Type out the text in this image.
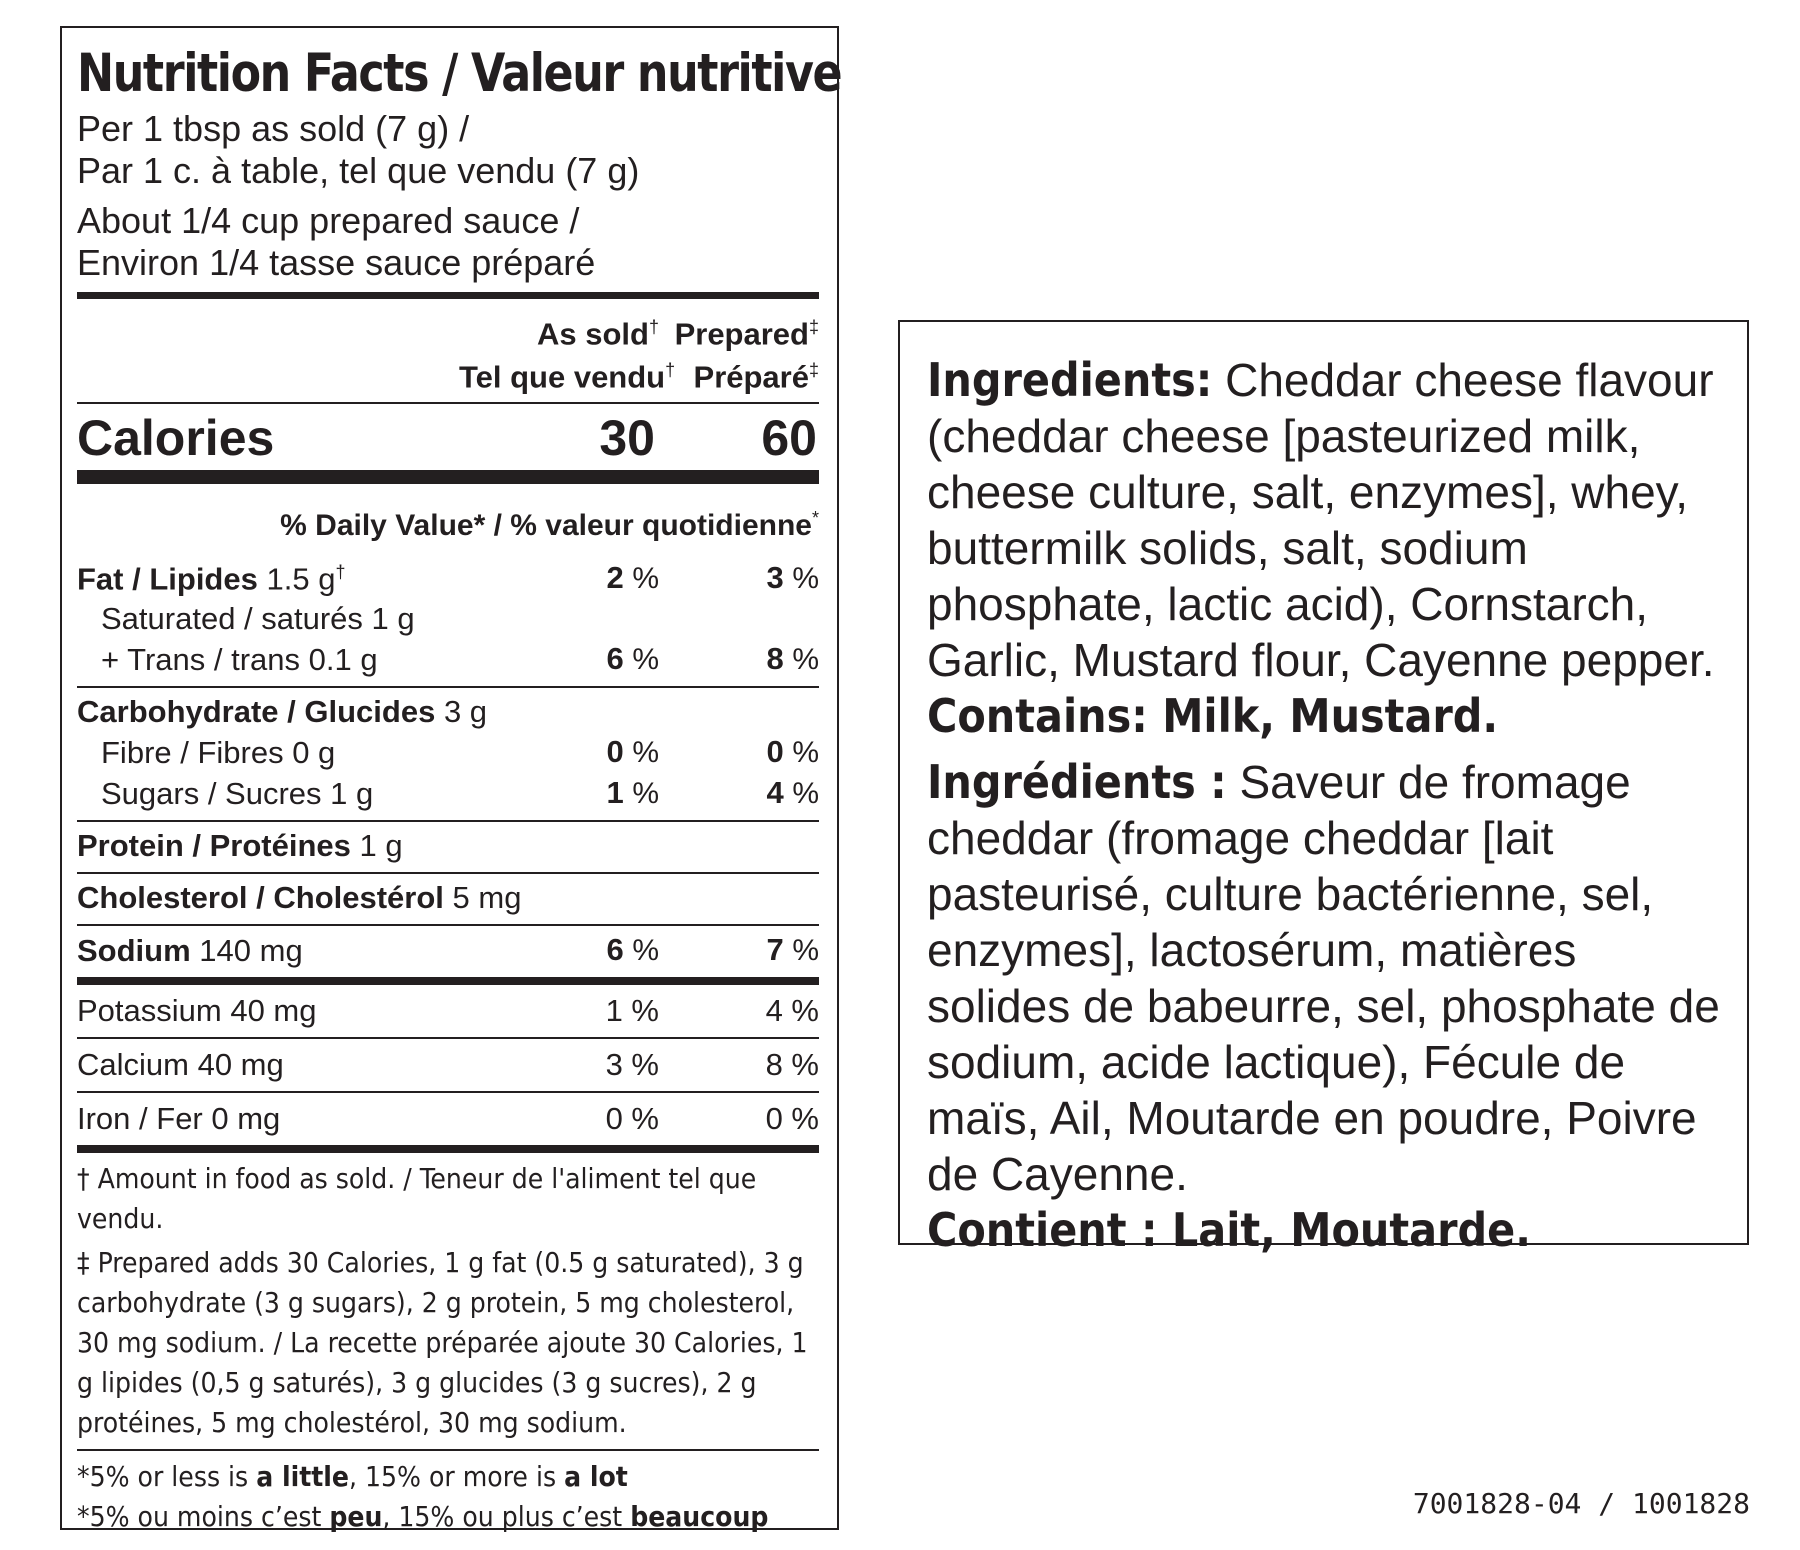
Nutrition Facts / Valeur nutritive
Per 1 tbsp as sold (7 g) /
Par 1 c. à table, tel que vendu (7 g)
About 1/4 cup prepared sauce /
Environ 1/4 tasse sauce préparé
As sold† Prepared‡
Tel que vendu† Préparé‡
Calories	30	60
% Daily Value* / % valeur quotidienne*
Fat / Lipides 1.5 g†	2 %	3 %
Saturated / saturés 1 g
+ Trans / trans 0.1 g	6 %	8 %
Carbohydrate / Glucides 3 g
Fibre / Fibres 0 g	0 %	0 %
Sugars / Sucres 1 g	1 %	4 %
Protein / Protéines 1 g
Cholesterol / Cholestérol 5 mg
Sodium 140 mg	6 %	7 %
Potassium 40 mg	1 %	4 %
Calcium 40 mg	3 %	8 %
Iron / Fer 0 mg	0 %	0 %

† Amount in food as sold. / Teneur de l'aliment tel que vendu.

‡ Prepared adds 30 Calories, 1 g fat (0.5 g saturated), 3 g carbohydrate (3 g sugars), 2 g protein, 5 mg cholesterol, 30 mg sodium. / La recette préparée ajoute 30 Calories, 1 g lipides (0,5 g saturés), 3 g glucides (3 g sucres), 2 g protéines, 5 mg cholestérol, 30 mg sodium.

*5% or less is a little, 15% or more is a lot

*5% ou moins c’est peu, 15% ou plus c’est beaucoup

Ingredients: Cheddar cheese flavour (cheddar cheese [pasteurized milk, cheese culture, salt, enzymes], whey, buttermilk solids, salt, sodium phosphate, lactic acid), Cornstarch, Garlic, Mustard flour, Cayenne pepper.
Contains: Milk, Mustard.

Ingrédients : Saveur de fromage cheddar (fromage cheddar [lait pasteurisé, culture bactérienne, sel, enzymes], lactosérum, matières solides de babeurre, sel, phosphate de sodium, acide lactique), Fécule de maïs, Ail, Moutarde en poudre, Poivre de Cayenne.
Contient : Lait, Moutarde.

7001828-04 / 1001828
